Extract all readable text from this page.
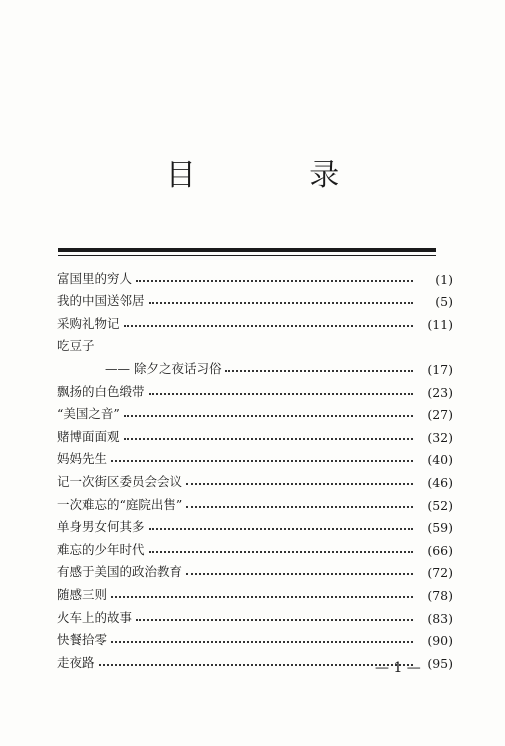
目 录
富国里的穷人	(1)
我的中国送邻居	(5)
采购礼物记	(11)
吃豆子
—— 除夕之夜话习俗	(17)
飘扬的白色缎带	(23)
“美国之音”	(27)
赌博面面观	(32)
妈妈先生	(40)
记一次街区委员会会议	(46)
一次难忘的“庭院出售”	(52)
单身男女何其多	(59)
难忘的少年时代	(66)
有感于美国的政治教育	(72)
随感三则	(78)
火车上的故事	(83)
快餐拾零	(90)
走夜路	(95)
— 1 —
